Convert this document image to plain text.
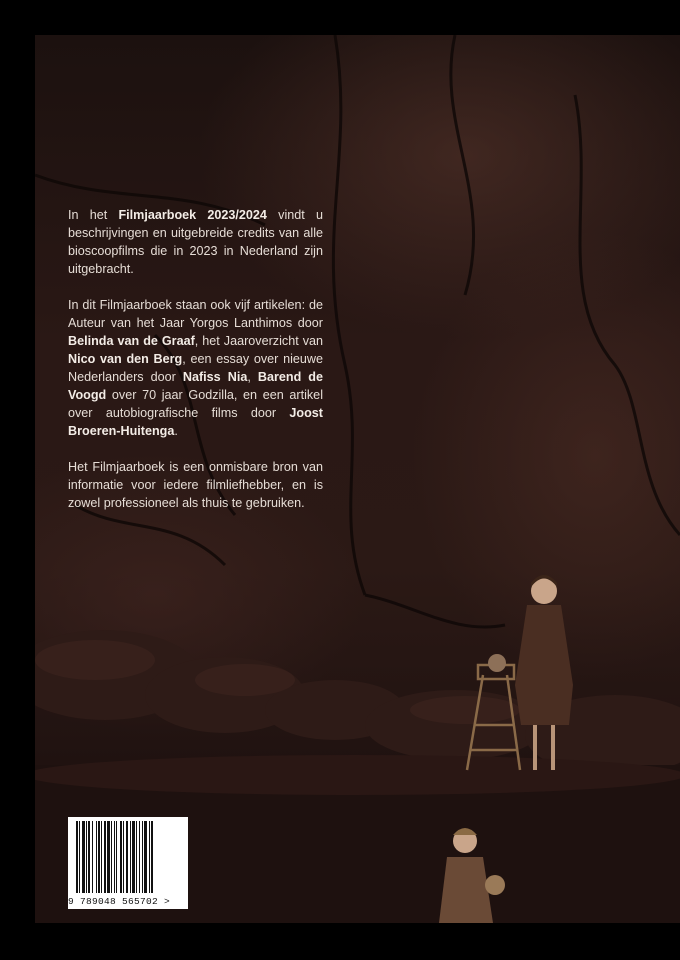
In het Filmjaarboek 2023/2024 vindt u beschrijvingen en uitgebreide credits van alle bioscoopfilms die in 2023 in Nederland zijn uitgebracht.

In dit Filmjaarboek staan ook vijf artikelen: de Auteur van het Jaar Yorgos Lanthimos door Belinda van de Graaf, het Jaaroverzicht van Nico van den Berg, een essay over nieuwe Nederlanders door Nafiss Nia, Barend de Voogd over 70 jaar Godzilla, en een artikel over autobiografische films door Joost Broeren-Huitenga.

Het Filmjaarboek is een onmisbare bron van informatie voor iedere filmliefhebber, en is zowel professioneel als thuis te gebruiken.

9 789048 565702 >
